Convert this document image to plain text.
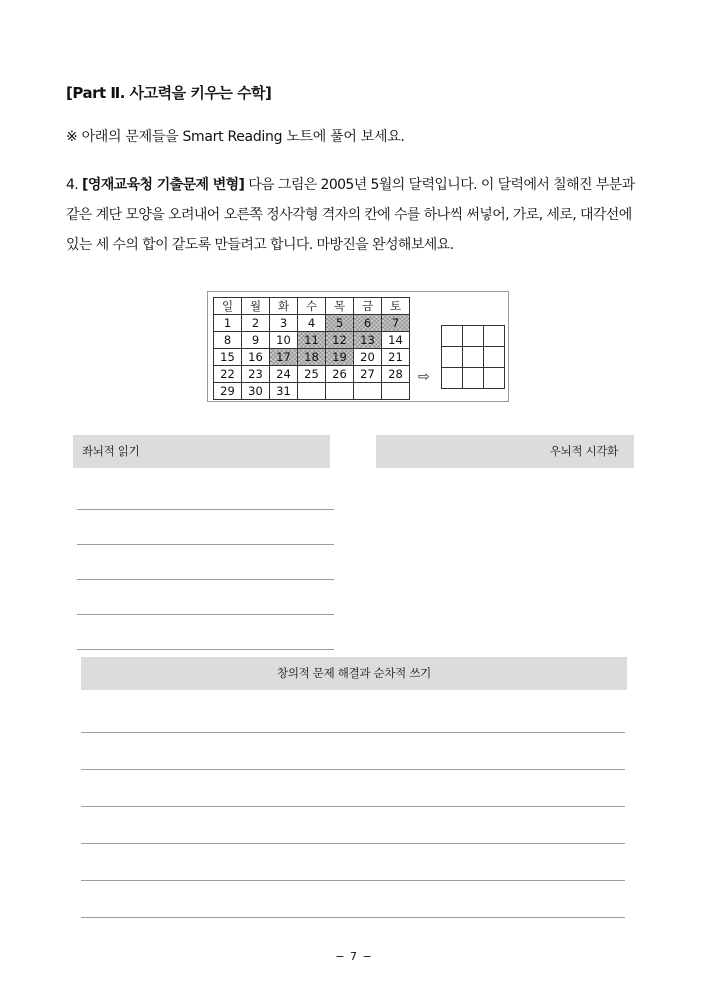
[Part Ⅱ. 사고력을 키우는 수학]
※ 아래의 문제들을 Smart Reading 노트에 풀어 보세요.
4. [영재교육청 기출문제 변형] 다음 그림은 2005년 5월의 달력입니다. 이 달력에서 칠해진 부분과 같은 계단 모양을 오려내어 오른쪽 정사각형 격자의 칸에 수를 하나씩 써넣어, 가로, 세로, 대각선에 있는 세 수의 합이 같도록 만들려고 합니다. 마방진을 완성해보세요.
일	월	화	수	목	금	토
1	2	3	4	5	6	7
8	9	10	11	12	13	14
15	16	17	18	19	20	21
22	23	24	25	26	27	28
29	30	31				
⇨

좌뇌적 읽기	우뇌적 시각화
창의적 문제 해결과 순차적 쓰기
− 7 −
